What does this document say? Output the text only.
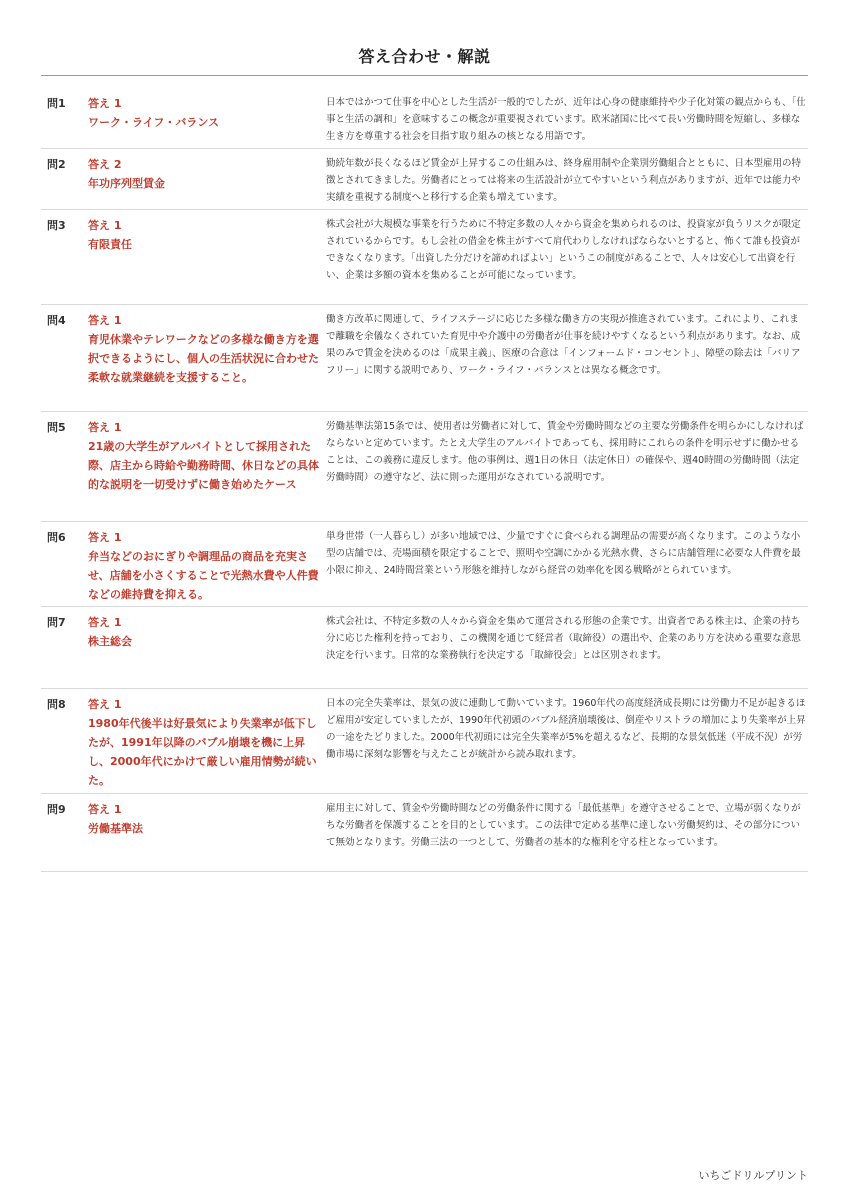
答え合わせ・解説
問1	答え 1
ワーク・ライフ・バランス
日本ではかつて仕事を中心とした生活が一般的でしたが、近年は心身の健康維持や少子化対策の観点からも、「仕事と生活の調和」を意味するこの概念が重要視されています。欧米諸国に比べて長い労働時間を短縮し、多様な生き方を尊重する社会を目指す取り組みの核となる用語です。
問2	答え 2
年功序列型賃金
勤続年数が長くなるほど賃金が上昇するこの仕組みは、終身雇用制や企業別労働組合とともに、日本型雇用の特徴とされてきました。労働者にとっては将来の生活設計が立てやすいという利点がありますが、近年では能力や実績を重視する制度へと移行する企業も増えています。
問3	答え 1
有限責任
株式会社が大規模な事業を行うために不特定多数の人々から資金を集められるのは、投資家が負うリスクが限定されているからです。もし会社の借金を株主がすべて肩代わりしなければならないとすると、怖くて誰も投資ができなくなります。「出資した分だけを諦めればよい」というこの制度があることで、人々は安心して出資を行い、企業は多額の資本を集めることが可能になっています。
問4	答え 1
育児休業やテレワークなどの多様な働き方を選択できるようにし、個人の生活状況に合わせた柔軟な就業継続を支援すること。
働き方改革に関連して、ライフステージに応じた多様な働き方の実現が推進されています。これにより、これまで離職を余儀なくされていた育児中や介護中の労働者が仕事を続けやすくなるという利点があります。なお、成果のみで賃金を決めるのは「成果主義」、医療の合意は「インフォームド・コンセント」、障壁の除去は「バリアフリー」に関する説明であり、ワーク・ライフ・バランスとは異なる概念です。
問5	答え 1
21歳の大学生がアルバイトとして採用された際、店主から時給や勤務時間、休日などの具体的な説明を一切受けずに働き始めたケース
労働基準法第15条では、使用者は労働者に対して、賃金や労働時間などの主要な労働条件を明らかにしなければならないと定めています。たとえ大学生のアルバイトであっても、採用時にこれらの条件を明示せずに働かせることは、この義務に違反します。他の事例は、週1日の休日（法定休日）の確保や、週40時間の労働時間（法定労働時間）の遵守など、法に則った運用がなされている説明です。
問6	答え 1
弁当などのおにぎりや調理品の商品を充実させ、店舗を小さくすることで光熱水費や人件費などの維持費を抑える。
単身世帯（一人暮らし）が多い地域では、少量ですぐに食べられる調理品の需要が高くなります。このような小型の店舗では、売場面積を限定することで、照明や空調にかかる光熱水費、さらに店舗管理に必要な人件費を最小限に抑え、24時間営業という形態を維持しながら経営の効率化を図る戦略がとられています。
問7	答え 1
株主総会
株式会社は、不特定多数の人々から資金を集めて運営される形態の企業です。出資者である株主は、企業の持ち分に応じた権利を持っており、この機関を通じて経営者（取締役）の選出や、企業のあり方を決める重要な意思決定を行います。日常的な業務執行を決定する「取締役会」とは区別されます。
問8	答え 1
1980年代後半は好景気により失業率が低下したが、1991年以降のバブル崩壊を機に上昇し、2000年代にかけて厳しい雇用情勢が続いた。
日本の完全失業率は、景気の波に連動して動いています。1960年代の高度経済成長期には労働力不足が起きるほど雇用が安定していましたが、1990年代初頭のバブル経済崩壊後は、倒産やリストラの増加により失業率が上昇の一途をたどりました。2000年代初頭には完全失業率が5%を超えるなど、長期的な景気低迷（平成不況）が労働市場に深刻な影響を与えたことが統計から読み取れます。
問9	答え 1
労働基準法
雇用主に対して、賃金や労働時間などの労働条件に関する「最低基準」を遵守させることで、立場が弱くなりがちな労働者を保護することを目的としています。この法律で定める基準に達しない労働契約は、その部分について無効となります。労働三法の一つとして、労働者の基本的な権利を守る柱となっています。
いちごドリルプリント
